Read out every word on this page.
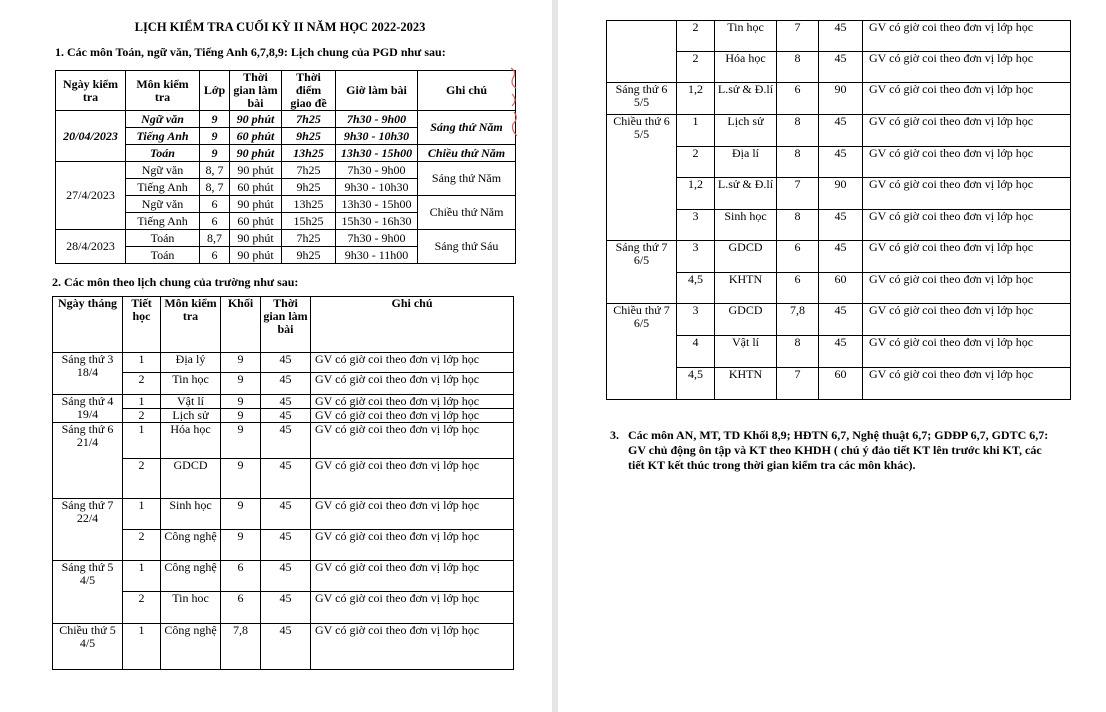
LỊCH KIỂM TRA CUỐI KỲ II NĂM HỌC 2022-2023
1. Các môn Toán, ngữ văn, Tiếng Anh 6,7,8,9: Lịch chung của PGD như sau:
Ngày kiểm tra	Môn kiểm tra	Lớp	Thời gian làm bài	Thời điểm giao đề	Giờ làm bài	Ghi chú
20/04/2023	Ngữ văn	9	90 phút	7h25	7h30 - 9h00	Sáng thứ Năm
	Tiếng Anh	9	60 phút	9h25	9h30 - 10h30	
	Toán	9	90 phút	13h25	13h30 - 15h00	Chiều thứ Năm
27/4/2023	Ngữ văn	8, 7	90 phút	7h25	7h30 - 9h00	Sáng thứ Năm
	Tiếng Anh	8, 7	60 phút	9h25	9h30 - 10h30	
	Ngữ văn	6	90 phút	13h25	13h30 - 15h00	Chiều thứ Năm
	Tiếng Anh	6	60 phút	15h25	15h30 - 16h30	
28/4/2023	Toán	8,7	90 phút	7h25	7h30 - 9h00	Sáng thứ Sáu
	Toán	6	90 phút	9h25	9h30 - 11h00	
2. Các môn theo lịch chung của trường như sau:
Ngày tháng	Tiết học	Môn kiểm tra	Khối	Thời gian làm bài	Ghi chú
Sáng thứ 3 18/4	1	Địa lý	9	45	GV có giờ coi theo đơn vị lớp học
	2	Tin học	9	45	GV có giờ coi theo đơn vị lớp học
Sáng thứ 4 19/4	1	Vật lí	9	45	GV có giờ coi theo đơn vị lớp học
	2	Lịch sử	9	45	GV có giờ coi theo đơn vị lớp học
Sáng thứ 6 21/4	1	Hóa học	9	45	GV có giờ coi theo đơn vị lớp học
	2	GDCD	9	45	GV có giờ coi theo đơn vị lớp học
Sáng thứ 7 22/4	1	Sinh học	9	45	GV có giờ coi theo đơn vị lớp học
	2	Công nghệ	9	45	GV có giờ coi theo đơn vị lớp học
Sáng thứ 5 4/5	1	Công nghệ	6	45	GV có giờ coi theo đơn vị lớp học
	2	Tin hoc	6	45	GV có giờ coi theo đơn vị lớp học
Chiều thứ 5 4/5	1	Công nghệ	7,8	45	GV có giờ coi theo đơn vị lớp học
	2	Tin học	7	45	GV có giờ coi theo đơn vị lớp học
	2	Hóa học	8	45	GV có giờ coi theo đơn vị lớp học
Sáng thứ 6 5/5	1,2	L.sử & Đ.lí	6	90	GV có giờ coi theo đơn vị lớp học
Chiều thứ 6 5/5	1	Lịch sử	8	45	GV có giờ coi theo đơn vị lớp học
	2	Địa lí	8	45	GV có giờ coi theo đơn vị lớp học
	1,2	L.sử & Đ.lí	7	90	GV có giờ coi theo đơn vị lớp học
	3	Sinh học	8	45	GV có giờ coi theo đơn vị lớp học
Sáng thứ 7 6/5	3	GDCD	6	45	GV có giờ coi theo đơn vị lớp học
	4,5	KHTN	6	60	GV có giờ coi theo đơn vị lớp học
Chiều thứ 7 6/5	3	GDCD	7,8	45	GV có giờ coi theo đơn vị lớp học
	4	Vật lí	8	45	GV có giờ coi theo đơn vị lớp học
	4,5	KHTN	7	60	GV có giờ coi theo đơn vị lớp học
3. Các môn AN, MT, TD Khối 8,9; HĐTN 6,7, Nghệ thuật 6,7; GDĐP 6,7, GDTC 6,7: GV chủ động ôn tập và KT theo KHDH ( chú ý đảo tiết KT lên trước khi KT, các tiết KT kết thúc trong thời gian kiểm tra các môn khác).
